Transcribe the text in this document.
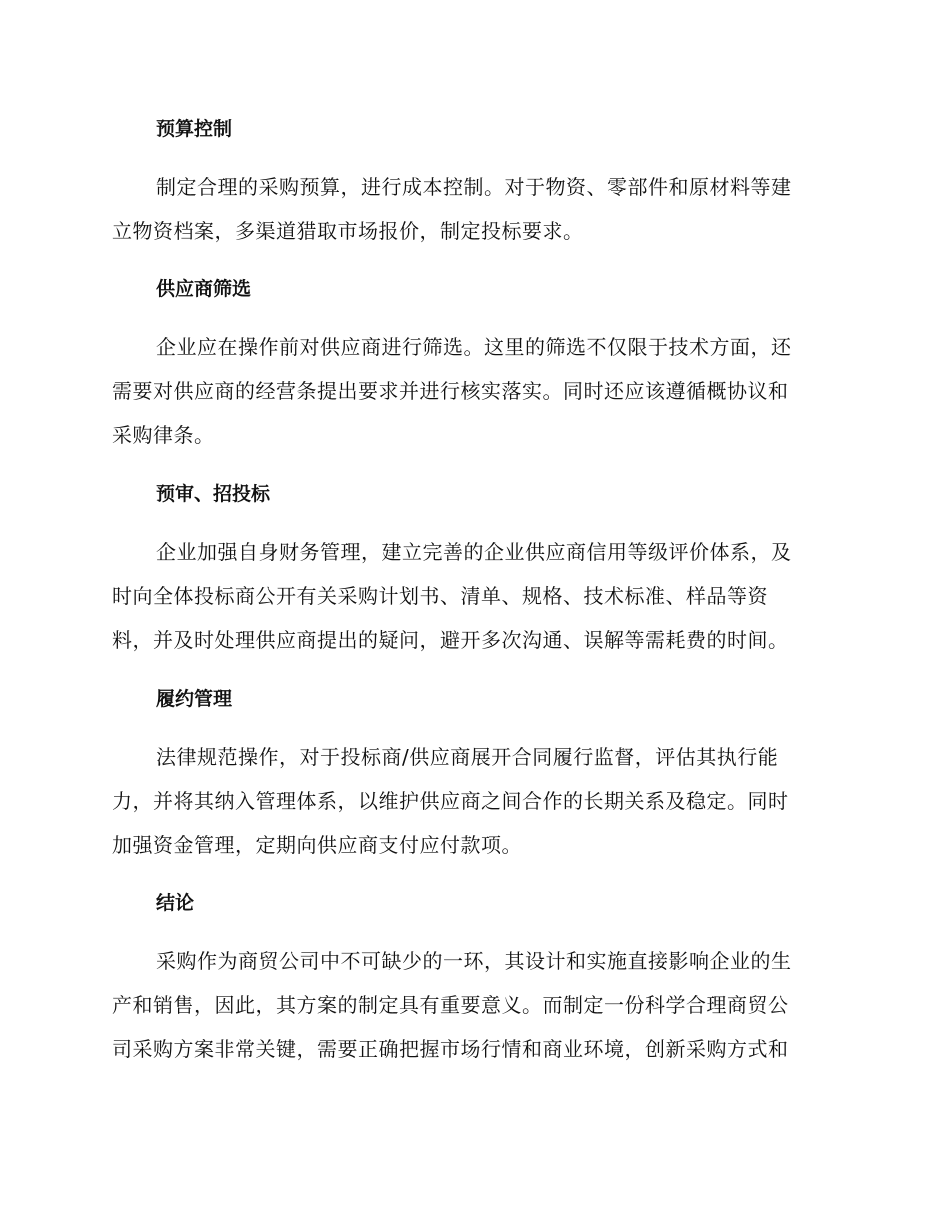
预算控制
制定合理的采购预算，进行成本控制。对于物资、零部件和原材料等建
立物资档案，多渠道猎取市场报价，制定投标要求。
供应商筛选
企业应在操作前对供应商进行筛选。这里的筛选不仅限于技术方面，还
需要对供应商的经营条提出要求并进行核实落实。同时还应该遵循概协议和
采购律条。
预审、招投标
企业加强自身财务管理，建立完善的企业供应商信用等级评价体系，及
时向全体投标商公开有关采购计划书、清单、规格、技术标准、样品等资
料，并及时处理供应商提出的疑问，避开多次沟通、误解等需耗费的时间。
履约管理
法律规范操作，对于投标商/供应商展开合同履行监督，评估其执行能
力，并将其纳入管理体系，以维护供应商之间合作的长期关系及稳定。同时
加强资金管理，定期向供应商支付应付款项。
结论
采购作为商贸公司中不可缺少的一环，其设计和实施直接影响企业的生
产和销售，因此，其方案的制定具有重要意义。而制定一份科学合理商贸公
司采购方案非常关键，需要正确把握市场行情和商业环境，创新采购方式和
